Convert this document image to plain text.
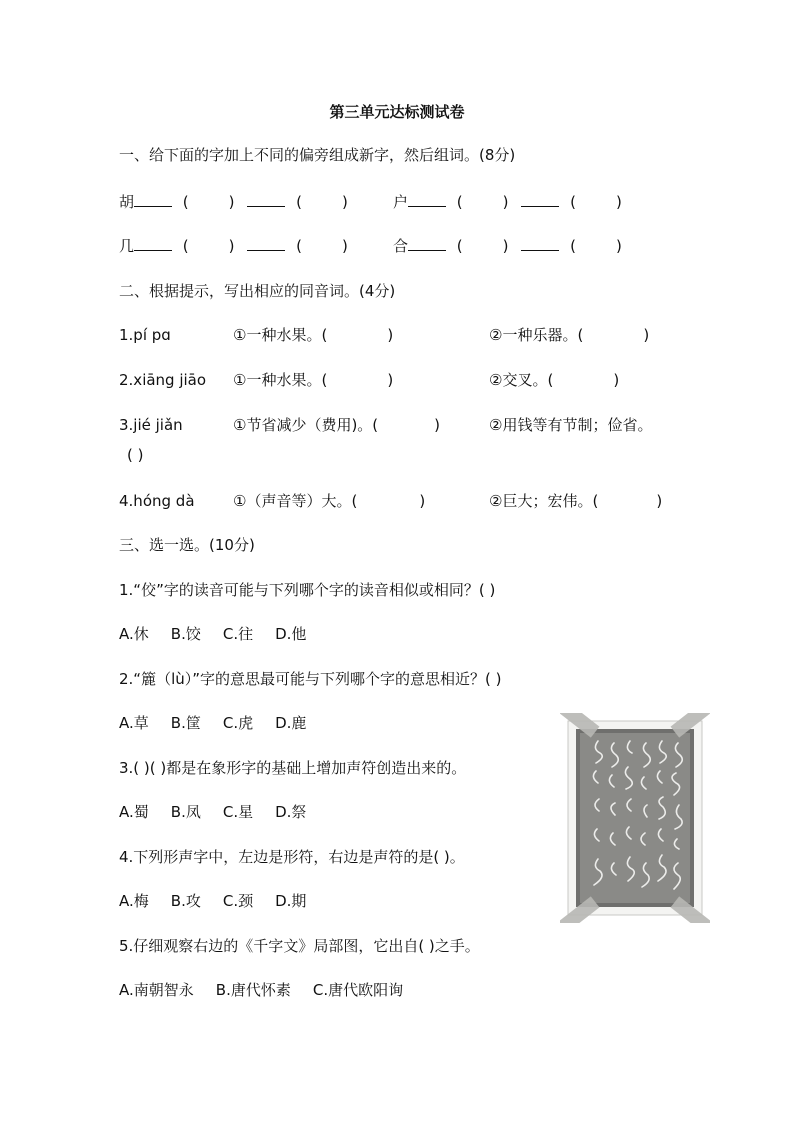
第三单元达标测试卷
一、给下面的字加上不同的偏旁组成新字，然后组词。(8分)
胡	(	)	(	)	户	(	)	(	)
几	(	)	(	)	合	(	)	(	)
二、根据提示，写出相应的同音词。(4分)
1.pí pɑ	①一种水果。(	)	②一种乐器。(	)
2.xiāng jiāo ①一种水果。(	)	②交叉。(	)
3.jié jiǎn	①节省减少（费用)。(	)	②用钱等有节制；俭省。
( )
4.hóng dà	①（声音等）大。(	)	②巨大；宏伟。(	)
三、选一选。(10分)
1.“佼”字的读音可能与下列哪个字的读音相似或相同？( )
A.休 B.饺 C.往 D.他
2.“簏（lù）”字的意思最可能与下列哪个字的意思相近？( )
A.草 B.筐 C.虎 D.鹿
3.( )( )都是在象形字的基础上增加声符创造出来的。
A.蜀 B.凤 C.星 D.祭
4.下列形声字中，左边是形符，右边是声符的是( )。
A.梅 B.攻 C.颈 D.期
5.仔细观察右边的《千字文》局部图，它出自( )之手。
A.南朝智永 B.唐代怀素 C.唐代欧阳询
